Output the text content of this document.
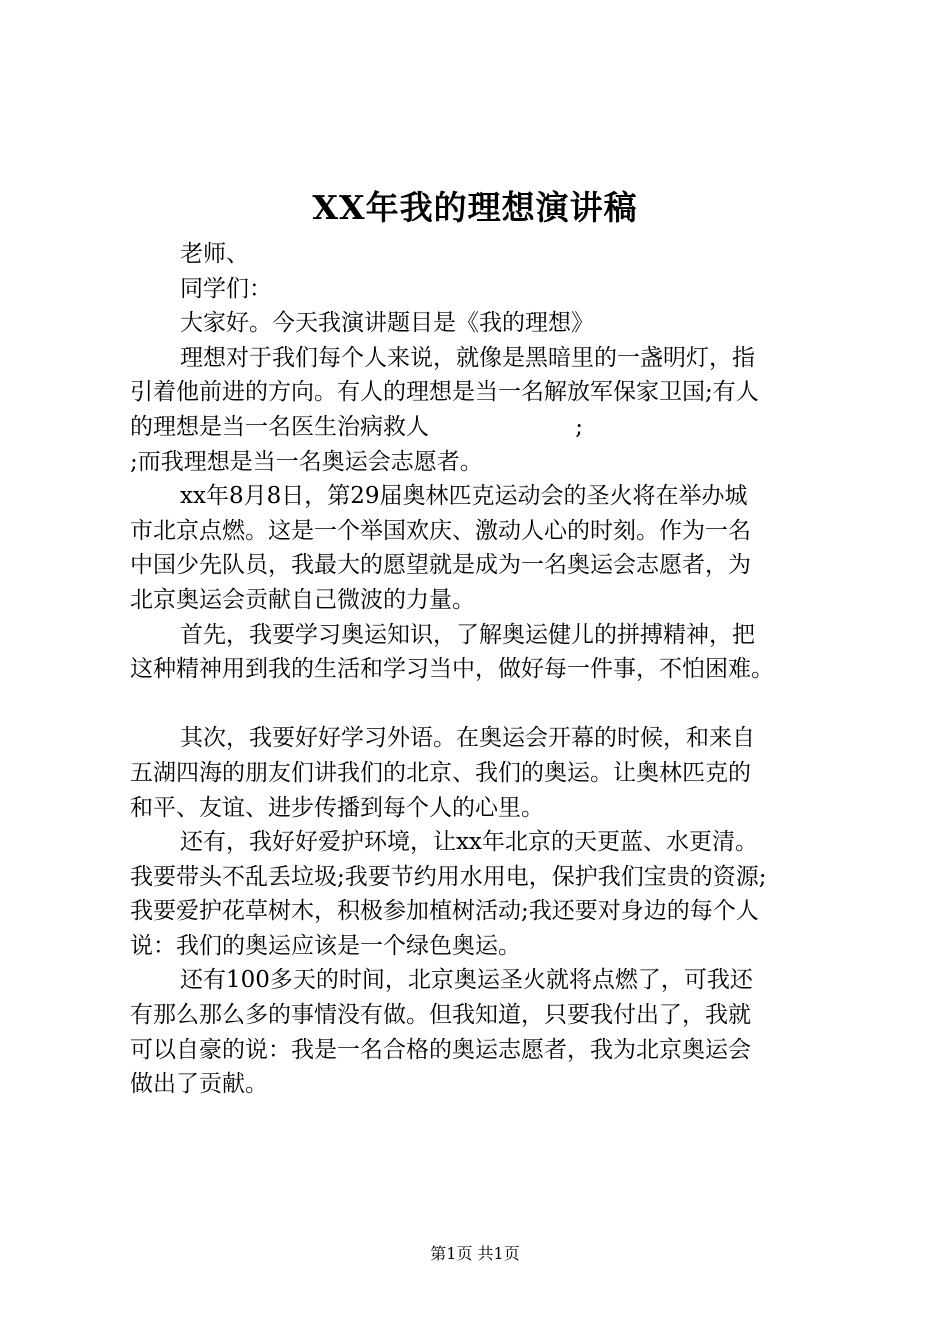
XX年我的理想演讲稿
老师、
同学们：
大家好。今天我演讲题目是《我的理想》
理想对于我们每个人来说，就像是黑暗里的一盏明灯，指
引着他前进的方向。有人的理想是当一名解放军保家卫国;有人
的理想是当一名医生治病救人                    ;
;而我理想是当一名奥运会志愿者。
xx年8月8日，第29届奥林匹克运动会的圣火将在举办城
市北京点燃。这是一个举国欢庆、激动人心的时刻。作为一名
中国少先队员，我最大的愿望就是成为一名奥运会志愿者，为
北京奥运会贡献自己微波的力量。
首先，我要学习奥运知识，了解奥运健儿的拼搏精神，把
这种精神用到我的生活和学习当中，做好每一件事，不怕困难。
其次，我要好好学习外语。在奥运会开幕的时候，和来自
五湖四海的朋友们讲我们的北京、我们的奥运。让奥林匹克的
和平、友谊、进步传播到每个人的心里。
还有，我好好爱护环境，让xx年北京的天更蓝、水更清。
我要带头不乱丢垃圾;我要节约用水用电，保护我们宝贵的资源;
我要爱护花草树木，积极参加植树活动;我还要对身边的每个人
说：我们的奥运应该是一个绿色奥运。
还有100多天的时间，北京奥运圣火就将点燃了，可我还
有那么那么多的事情没有做。但我知道，只要我付出了，我就
可以自豪的说：我是一名合格的奥运志愿者，我为北京奥运会
做出了贡献。
第1页 共1页
